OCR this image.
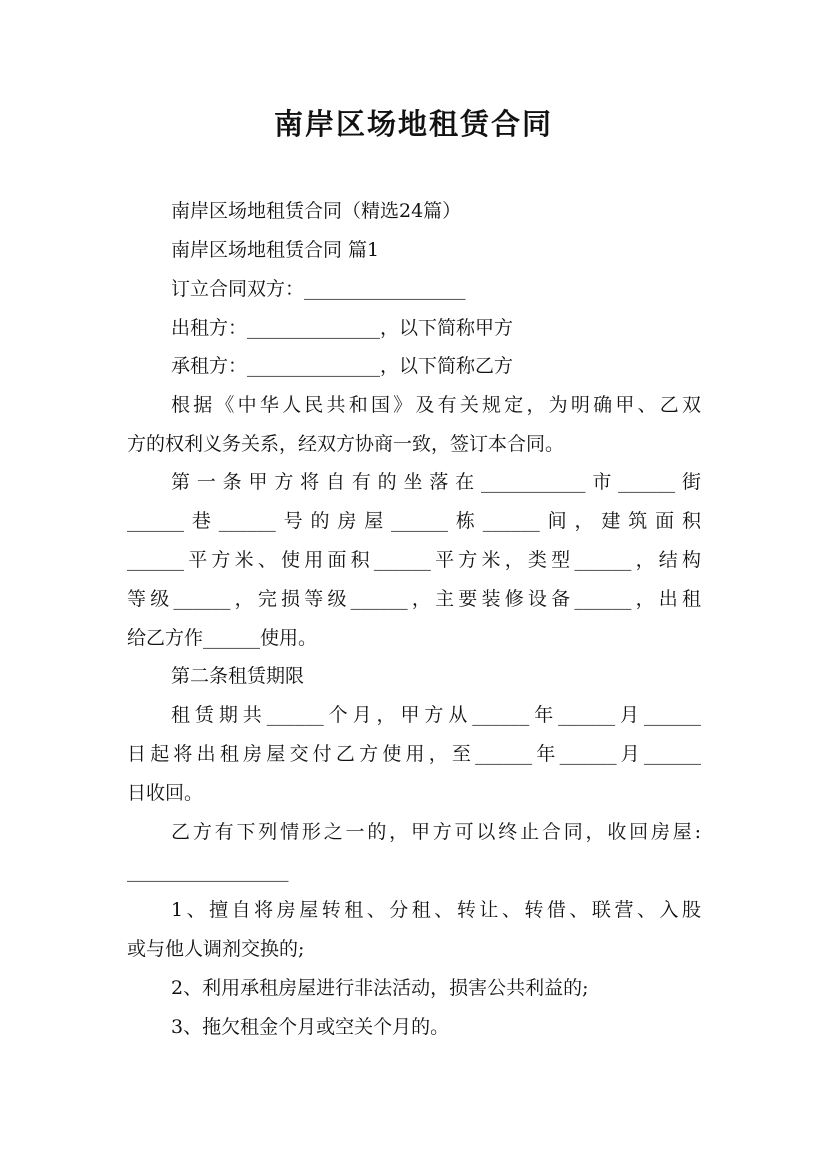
南岸区场地租赁合同
南岸区场地租赁合同（精选24篇）
南岸区场地租赁合同 篇1
订立合同双方：_________________
出租方：______________，以下简称甲方
承租方：______________，以下简称乙方
根据《中华人民共和国》及有关规定，为明确甲、乙双
方的权利义务关系，经双方协商一致，签订本合同。
第一条甲方将自有的坐落在___________市______街
______巷______号的房屋______栋______间，建筑面积
______平方米、使用面积______平方米，类型______，结构
等级______，完损等级______，主要装修设备______，出租
给乙方作______使用。
第二条租赁期限
租赁期共______个月，甲方从______年______月______
日起将出租房屋交付乙方使用，至______年______月______
日收回。
乙方有下列情形之一的，甲方可以终止合同，收回房屋:
_________________
1、擅自将房屋转租、分租、转让、转借、联营、入股
或与他人调剂交换的;
2、利用承租房屋进行非法活动，损害公共利益的;
3、拖欠租金个月或空关个月的。
